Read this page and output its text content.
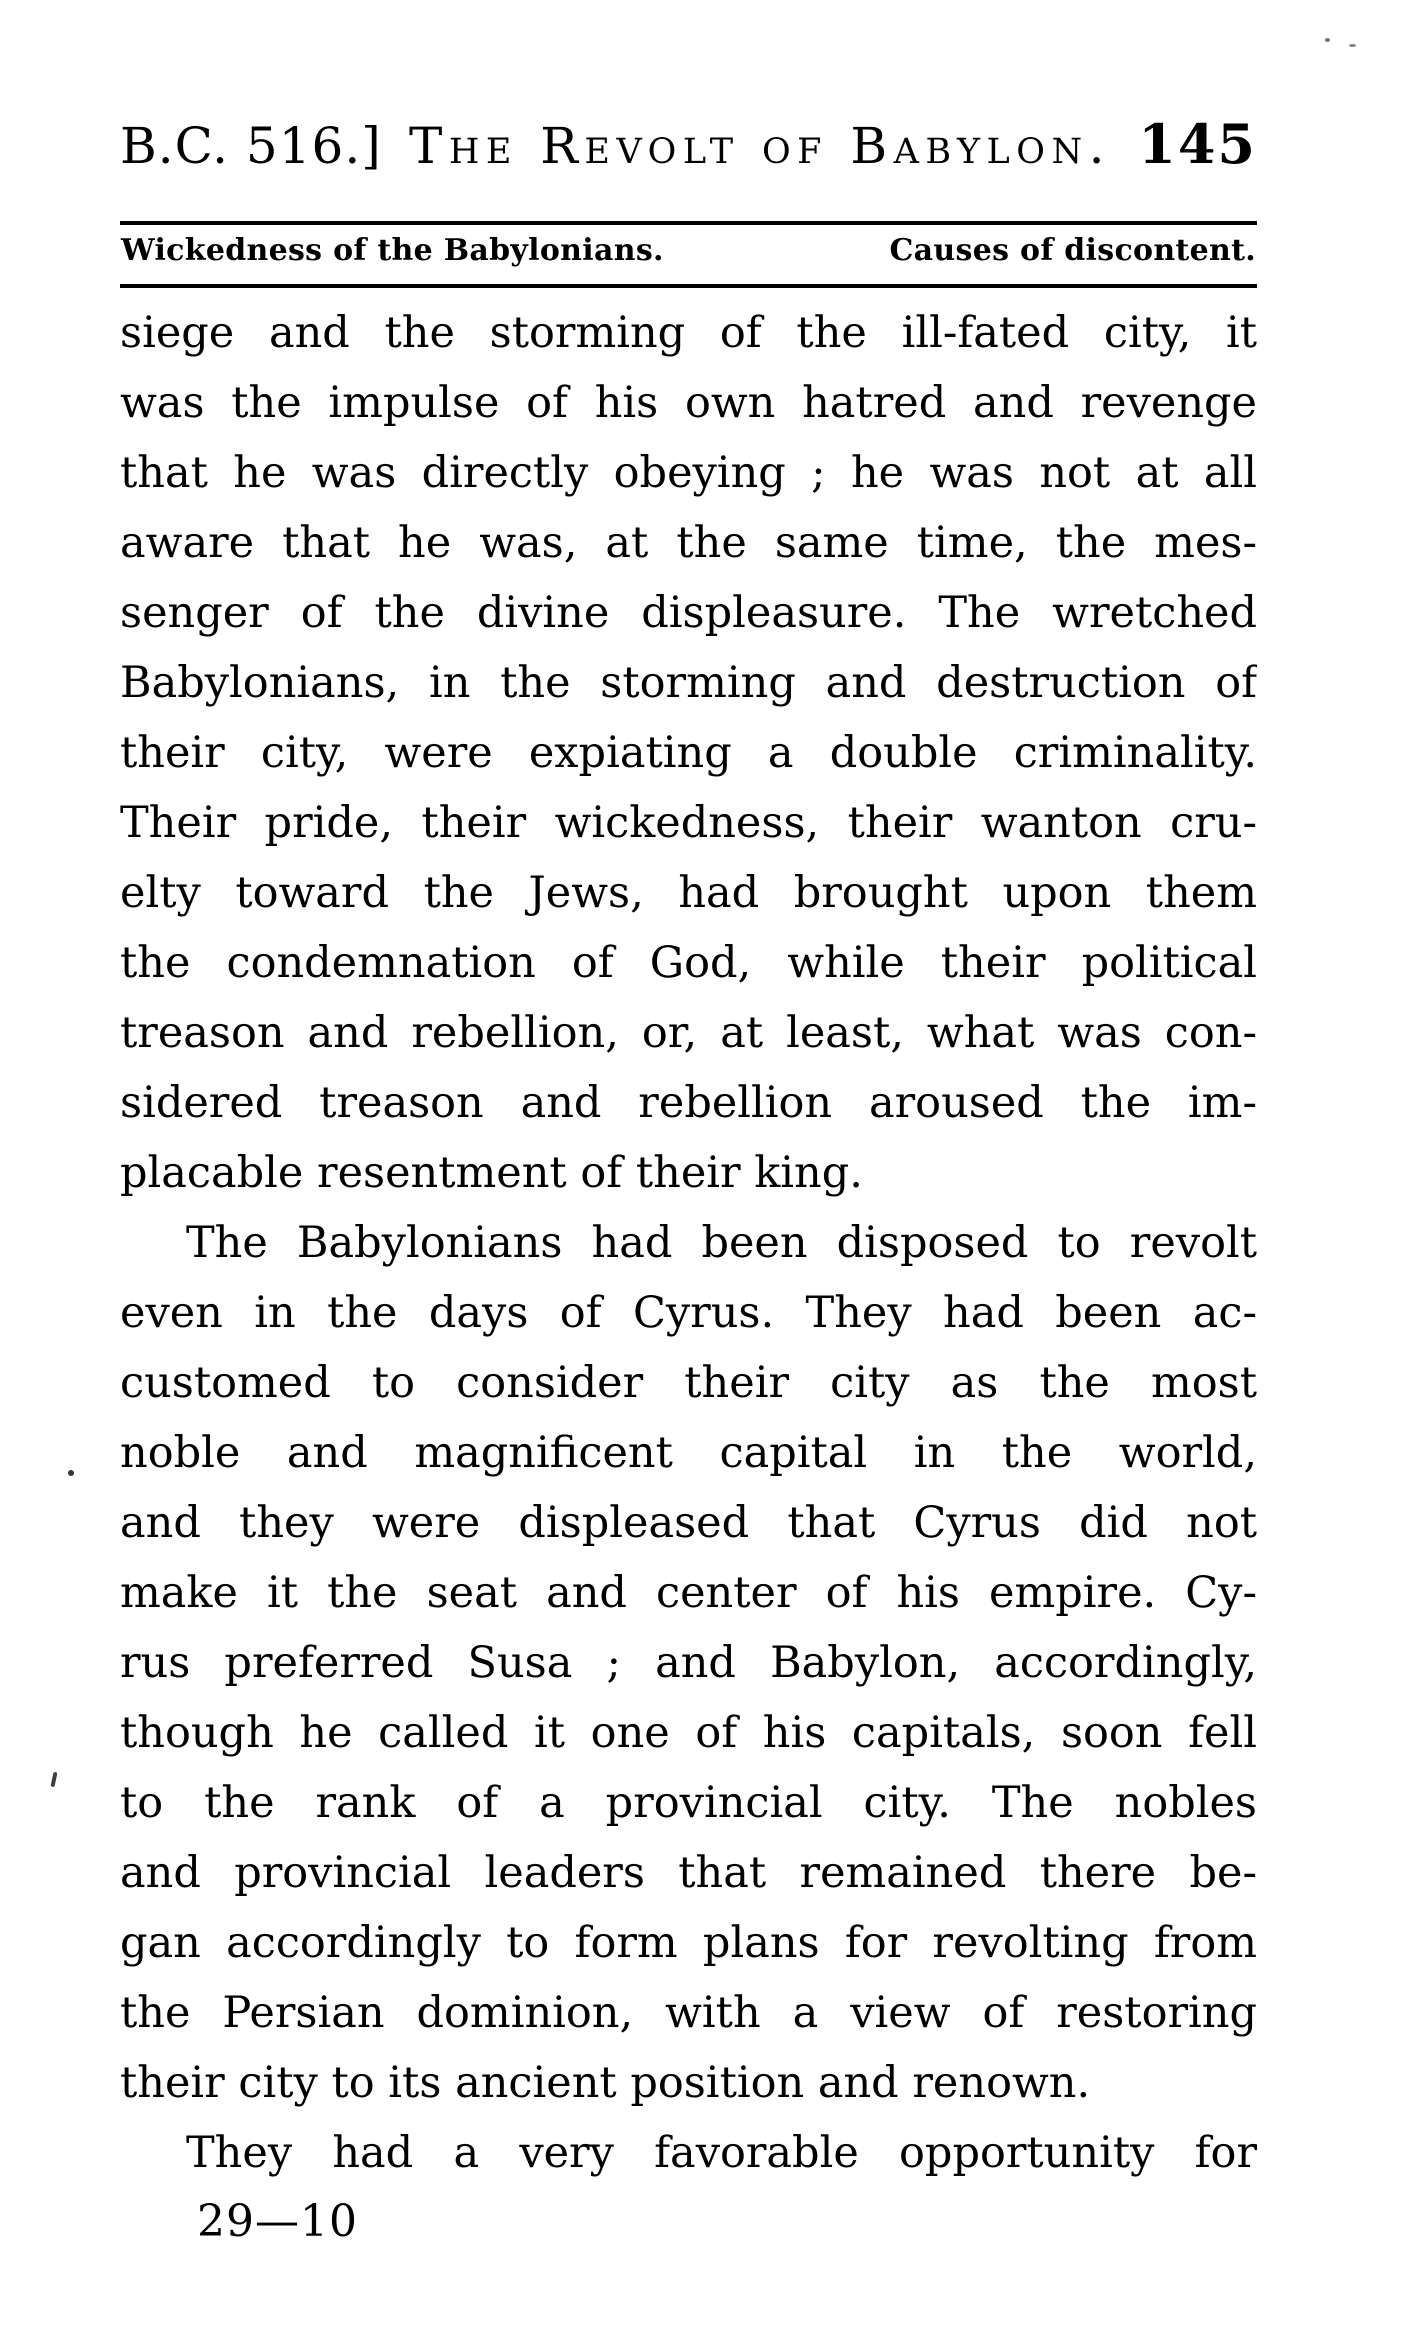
B.C. 516.] The Revolt of Babylon. 145
Wickedness of the Babylonians.	Causes of discontent.
siege and the storming of the ill-fated city, it
was the impulse of his own hatred and revenge
that he was directly obeying ; he was not at all
aware that he was, at the same time, the mes-
senger of the divine displeasure. The wretched
Babylonians, in the storming and destruction of
their city, were expiating a double criminality.
Their pride, their wickedness, their wanton cru-
elty toward the Jews, had brought upon them
the condemnation of God, while their political
treason and rebellion, or, at least, what was con-
sidered treason and rebellion aroused the im-
placable resentment of their king.
The Babylonians had been disposed to revolt
even in the days of Cyrus. They had been ac-
customed to consider their city as the most
noble and magnificent capital in the world,
and they were displeased that Cyrus did not
make it the seat and center of his empire. Cy-
rus preferred Susa ; and Babylon, accordingly,
though he called it one of his capitals, soon fell
to the rank of a provincial city. The nobles
and provincial leaders that remained there be-
gan accordingly to form plans for revolting from
the Persian dominion, with a view of restoring
their city to its ancient position and renown.
They had a very favorable opportunity for
29—10
